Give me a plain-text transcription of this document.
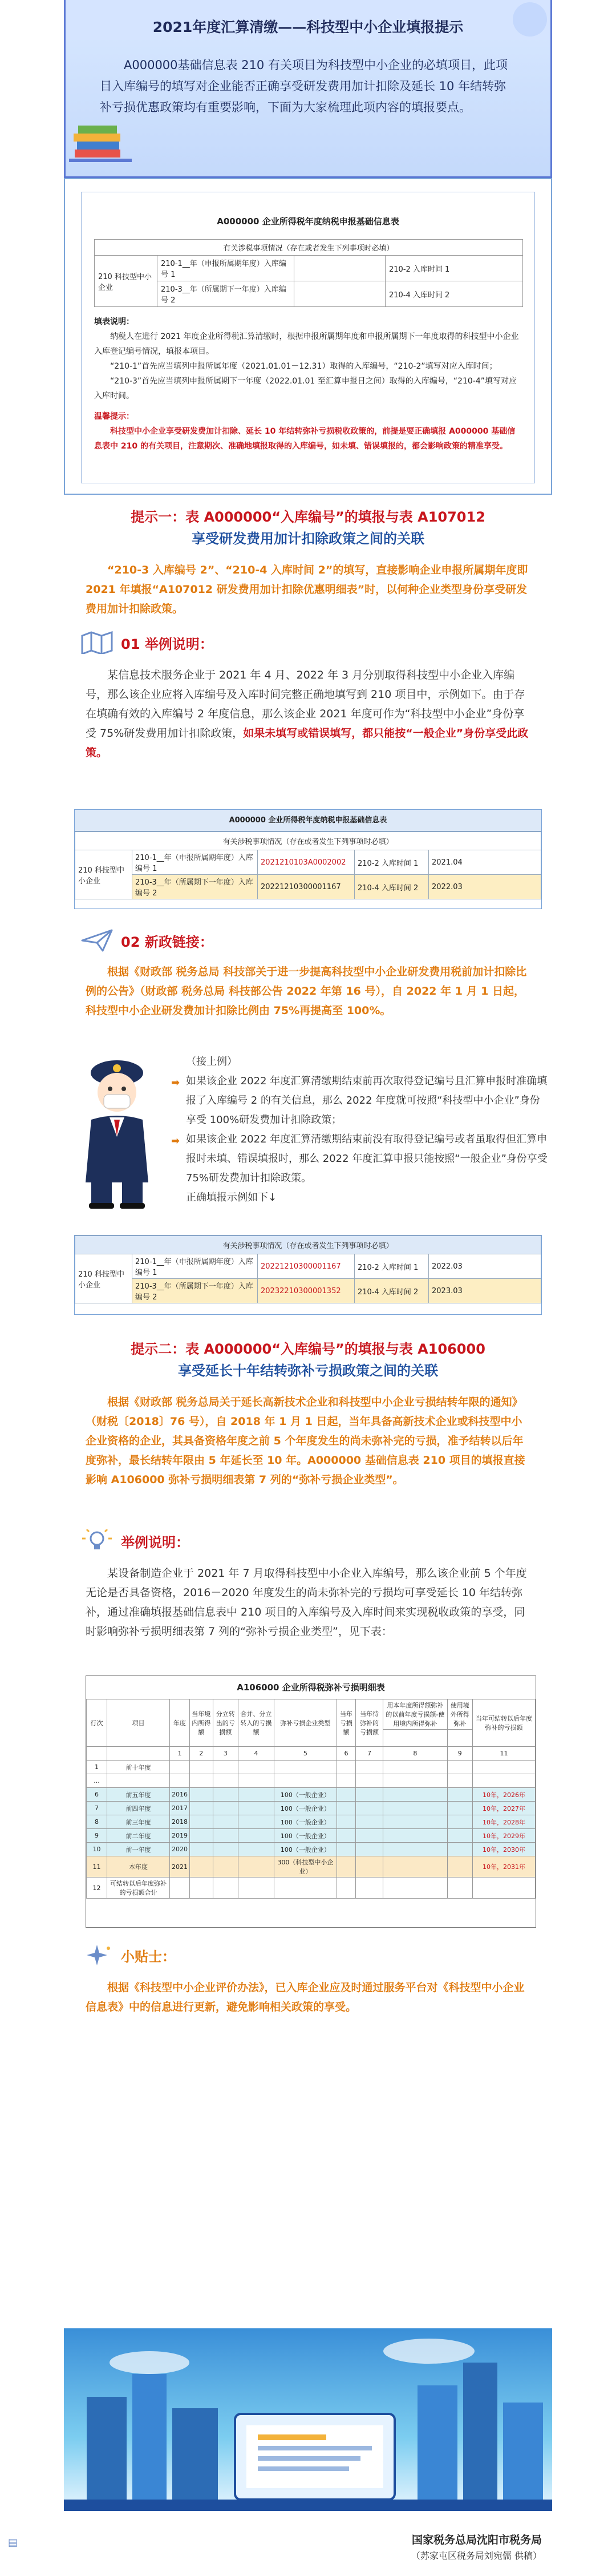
2021年度汇算清缴——科技型中小企业填报提示

A000000基础信息表 210 有关项目为科技型中小企业的必填项目，此项目入库编号的填写对企业能否正确享受研发费用加计扣除及延长 10 年结转弥补亏损优惠政策均有重要影响，下面为大家梳理此项内容的填报要点。

A000000 企业所得税年度纳税申报基础信息表
有关涉税事项情况（存在或者发生下列事项时必填）			
210 科技型中小企业	210-1__年（申报所属期年度）入库编号 1		210-2 入库时间 1
	210-3__年（所属期下一年度）入库编号 2		210-4 入库时间 2
填表说明：

纳税人在进行 2021 年度企业所得税汇算清缴时，根据申报所属期年度和申报所属期下一年度取得的科技型中小企业入库登记编号情况，填报本项目。

“210-1”首先应当填列申报所属年度（2021.01.01－12.31）取得的入库编号，“210-2”填写对应入库时间；

“210-3”首先应当填列申报所属期下一年度（2022.01.01 至汇算申报日之间）取得的入库编号，“210-4”填写对应入库时间。

温馨提示：

科技型中小企业享受研发费加计扣除、延长 10 年结转弥补亏损税收政策的，前提是要正确填报 A000000 基础信息表中 210 的有关项目，注意期次、准确地填报取得的入库编号，如未填、错误填报的，都会影响政策的精准享受。

提示一：表 A000000“入库编号”的填报与表 A107012
享受研发费用加计扣除政策之间的关联

“210-3 入库编号 2”、“210-4 入库时间 2”的填写，直接影响企业申报所属期年度即 2021 年填报“A107012 研发费用加计扣除优惠明细表”时，以何种企业类型身份享受研发费用加计扣除政策。

01 举例说明：

某信息技术服务企业于 2021 年 4 月、2022 年 3 月分别取得科技型中小企业入库编号，那么该企业应将入库编号及入库时间完整正确地填写到 210 项目中，示例如下。由于存在填确有效的入库编号 2 年度信息，那么该企业 2021 年度可作为“科技型中小企业”身份享受 75%研发费用加计扣除政策，如果未填写或错误填写，都只能按“一般企业”身份享受此政策。

A000000 企业所得税年度纳税申报基础信息表
有关涉税事项情况（存在或者发生下列事项时必填）				
210 科技型中小企业	210-1__年（申报所属期年度）入库编号 1	2021210103A0002002	210-2 入库时间 1	2021.04
	210-3__年（所属期下一年度）入库编号 2	20221210300001167	210-4 入库时间 2	2022.03
02 新政链接：

根据《财政部 税务总局 科技部关于进一步提高科技型中小企业研发费用税前加计扣除比例的公告》（财政部 税务总局 科技部公告 2022 年第 16 号），自 2022 年 1 月 1 日起，科技型中小企业研发费加计扣除比例由 75%再提高至 100%。

（接上例）
➡ 如果该企业 2022 年度汇算清缴期结束前再次取得登记编号且汇算申报时准确填报了入库编号 2 的有关信息，那么 2022 年度就可按照“科技型中小企业”身份享受 100%研发费加计扣除政策；
➡ 如果该企业 2022 年度汇算清缴期结束前没有取得登记编号或者虽取得但汇算申报时未填、错误填报时，那么 2022 年度汇算申报只能按照“一般企业”身份享受 75%研发费加计扣除政策。
正确填报示例如下↓
有关涉税事项情况（存在或者发生下列事项时必填）				
210 科技型中小企业	210-1__年（申报所属期年度）入库编号 1	20221210300001167	210-2 入库时间 1	2022.03
	210-3__年（所属期下一年度）入库编号 2	20232210300001352	210-4 入库时间 2	2023.03
提示二：表 A000000“入库编号”的填报与表 A106000
享受延长十年结转弥补亏损政策之间的关联

根据《财政部 税务总局关于延长高新技术企业和科技型中小企业亏损结转年限的通知》（财税〔2018〕76 号），自 2018 年 1 月 1 日起，当年具备高新技术企业或科技型中小企业资格的企业，其具备资格年度之前 5 个年度发生的尚未弥补完的亏损，准予结转以后年度弥补，最长结转年限由 5 年延长至 10 年。A000000 基础信息表 210 项目的填报直接影响 A106000 弥补亏损明细表第 7 列的“弥补亏损企业类型”。

举例说明：

某设备制造企业于 2021 年 7 月取得科技型中小企业入库编号，那么该企业前 5 个年度无论是否具备资格，2016－2020 年度发生的尚未弥补完的亏损均可享受延长 10 年结转弥补，通过准确填报基础信息表中 210 项目的入库编号及入库时间来实现税收政策的享受，同时影响弥补亏损明细表第 7 列的“弥补亏损企业类型”，见下表：

A106000 企业所得税弥补亏损明细表
行次	项目	年度	当年境内所得额	分立转出的亏损额	合并、分立转入的亏损额	弥补亏损企业类型	当年亏损额	当年待弥补的亏损额	用本年度所得额弥补的以前年度亏损额-使用境内所得弥补	使用境外所得弥补	当年可结转以后年度弥补的亏损额

		1	2	3	4	5	6	7	8	9	11
1	前十年度										
...											
6	前五年度	2016				100（一般企业）					10年，2026年
7	前四年度	2017				100（一般企业）					10年，2027年
8	前三年度	2018				100（一般企业）					10年，2028年
9	前二年度	2019				100（一般企业）					10年，2029年
10	前一年度	2020				100（一般企业）					10年，2030年
11	本年度	2021				300（科技型中小企业）					10年，2031年
12	可结转以后年度弥补的亏损额合计										
小贴士：

根据《科技型中小企业评价办法》，已入库企业应及时通过服务平台对《科技型中小企业信息表》中的信息进行更新，避免影响相关政策的享受。

▤	国家税务总局沈阳市税务局
（苏家屯区税务局刘宛儒 供稿）
